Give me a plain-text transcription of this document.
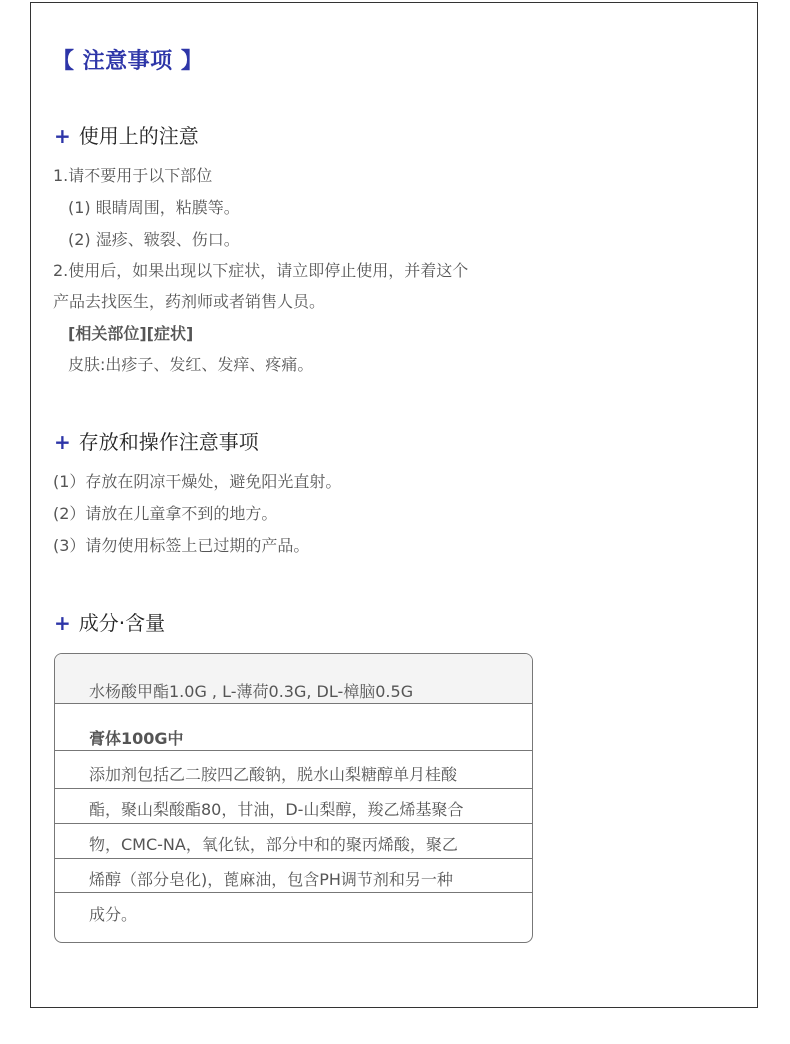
【 注意事项 】
+ 使用上的注意
1.请不要用于以下部位
(1) 眼睛周围，粘膜等。
(2) 湿疹、皲裂、伤口。
2.使用后，如果出现以下症状，请立即停止使用，并着这个
产品去找医生，药剂师或者销售人员。
[相关部位][症状]
皮肤:出疹子、发红、发痒、疼痛。
+ 存放和操作注意事项
(1）存放在阴凉干燥处，避免阳光直射。
(2）请放在儿童拿不到的地方。
(3）请勿使用标签上已过期的产品。
+ 成分·含量
水杨酸甲酯1.0G , L-薄荷0.3G, DL-樟脑0.5G
膏体100G中
添加剂包括乙二胺四乙酸钠，脱水山梨糖醇单月桂酸
酯，聚山梨酸酯80，甘油，D-山梨醇，羧乙烯基聚合
物，CMC-NA，氧化钛，部分中和的聚丙烯酸，聚乙
烯醇（部分皂化)，蓖麻油，包含PH调节剂和另一种
成分。
